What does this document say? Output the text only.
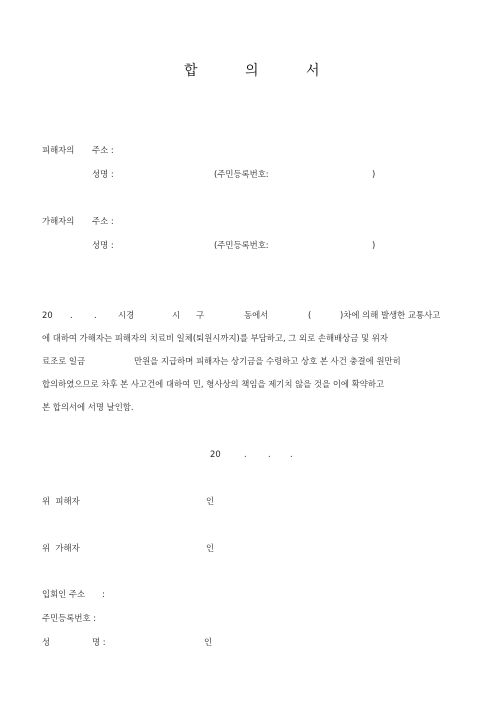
합	의	서
피해자의 주소 :
성명 :	(주민등록번호:	)
가해자의 주소 :
성명 :	(주민등록번호:	)
20 .	.	시경	시 구	동에서	(	)차에 의해 발생한 교통사고
에 대하여 가해자는 피해자의 치료비 일체(퇴원시까지)를 부담하고, 그 외로 손해배상금 및 위자
료조로 일금	만원을 지급하며 피해자는 상기금을 수령하고 상호 본 사건 충결에 원만히
합의하였으므로 차후 본 사고건에 대하여 민, 형사상의 책임을 제기치 않을 것을 이에 확약하고
본 합의서에 서명 날인함.
20	.	. .
위  피해자	인
위  가해자	인
입회인 주소 :
주민등록번호 :
성	명 :	인
